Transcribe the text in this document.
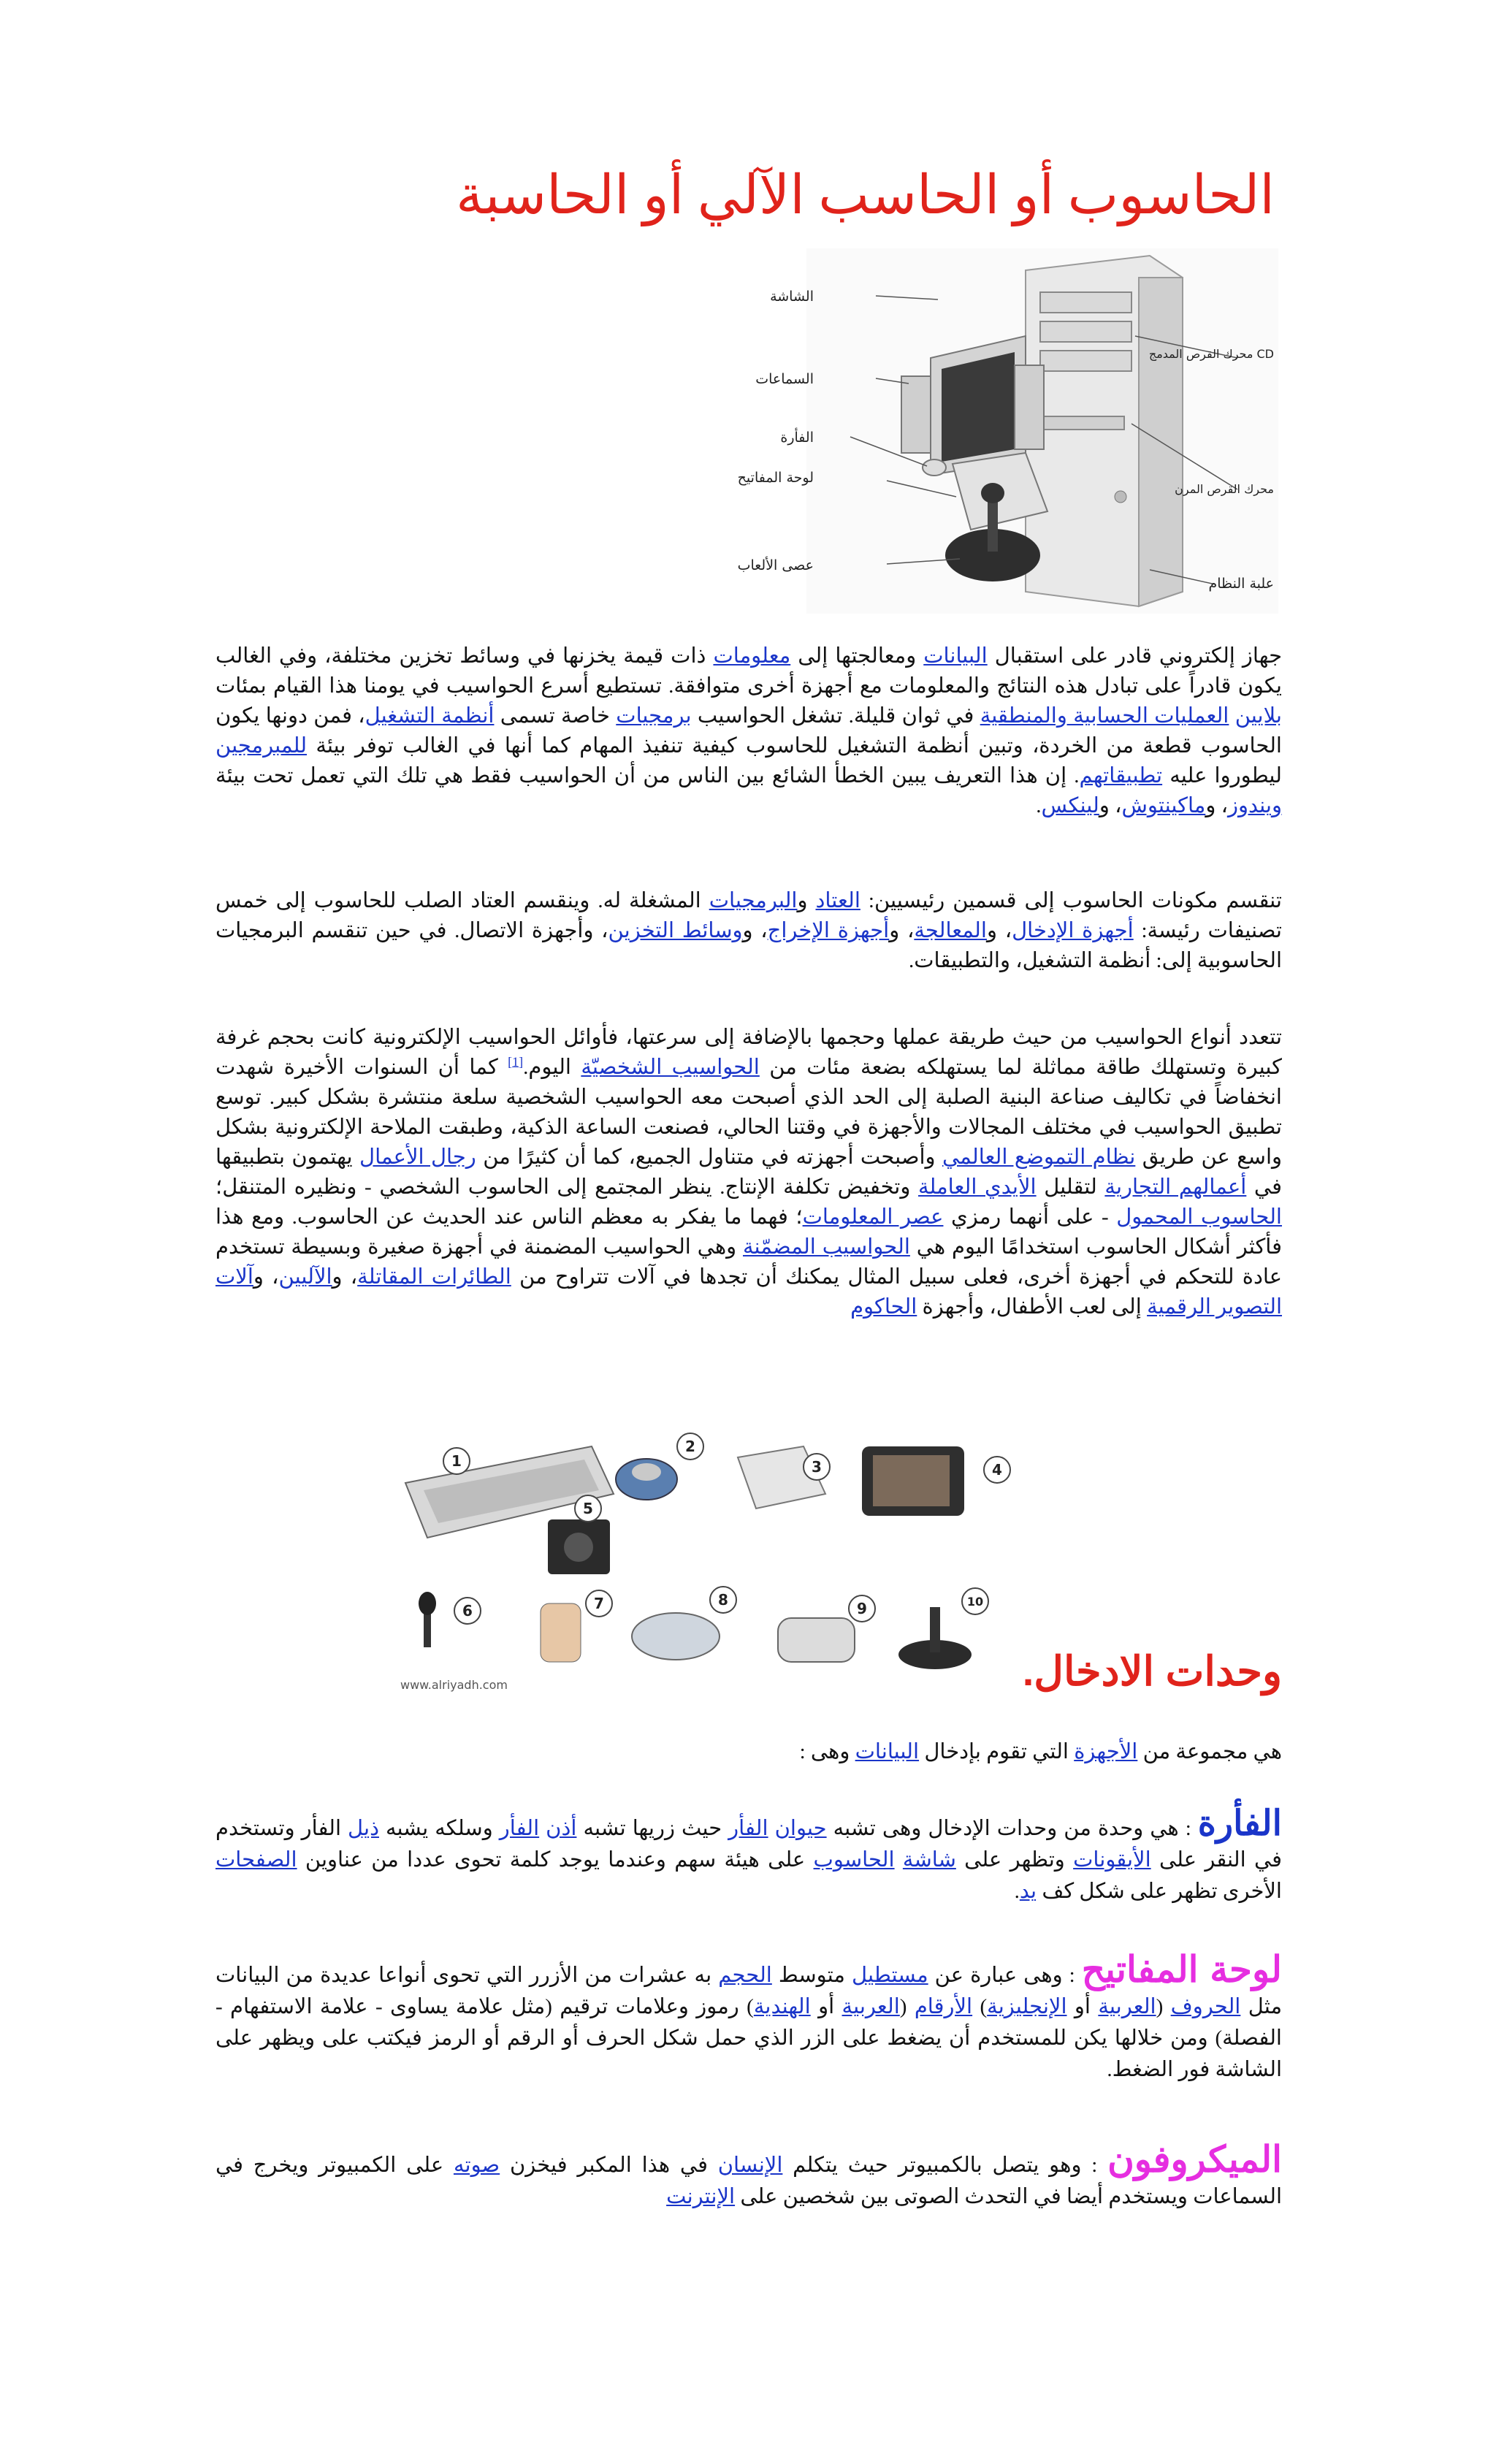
الحاسوب أو الحاسب الآلي أو الحاسبة
الشاشة
السماعات
الفأرة
لوحة المفاتيح
عصى الألعاب
محرك القرص المدمج CD
محرك القرص المرن
علبة النظام
جهاز إلكتروني قادر على استقبال البيانات ومعالجتها إلى معلومات ذات قيمة يخزنها في وسائط تخزين مختلفة، وفي الغالب يكون قادراً على تبادل هذه النتائج والمعلومات مع أجهزة أخرى متوافقة. تستطيع أسرع الحواسيب في يومنا هذا القيام بمئات بلايين العمليات الحسابية والمنطقية في ثوان قليلة. تشغل الحواسيب برمجيات خاصة تسمى أنظمة التشغيل، فمن دونها يكون الحاسوب قطعة من الخردة، وتبين أنظمة التشغيل للحاسوب كيفية تنفيذ المهام كما أنها في الغالب توفر بيئة للمبرمجين ليطوروا عليه تطبيقاتهم. إن هذا التعريف يبين الخطأ الشائع بين الناس من أن الحواسيب فقط هي تلك التي تعمل تحت بيئة ويندوز، وماكينتوش، ولينكس.
تنقسم مكونات الحاسوب إلى قسمين رئيسيين: العتاد والبرمجيات المشغلة له. وينقسم العتاد الصلب للحاسوب إلى خمس تصنيفات رئيسة: أجهزة الإدخال، والمعالجة، وأجهزة الإخراج، ووسائط التخزين، وأجهزة الاتصال. في حين تنقسم البرمجيات الحاسوبية إلى: أنظمة التشغيل، والتطبيقات.
تتعدد أنواع الحواسيب من حيث طريقة عملها وحجمها بالإضافة إلى سرعتها، فأوائل الحواسيب الإلكترونية كانت بحجم غرفة كبيرة وتستهلك طاقة مماثلة لما يستهلكه بضعة مئات من الحواسيب الشخصيّة اليوم.[1] كما أن السنوات الأخيرة شهدت انخفاضاً في تكاليف صناعة البنية الصلبة إلى الحد الذي أصبحت معه الحواسيب الشخصية سلعة منتشرة بشكل كبير. توسع تطبيق الحواسيب في مختلف المجالات والأجهزة في وقتنا الحالي، فصنعت الساعة الذكية، وطبقت الملاحة الإلكترونية بشكل واسع عن طريق نظام التموضع العالمي وأصبحت أجهزته في متناول الجميع، كما أن كثيرًا من رجال الأعمال يهتمون بتطبيقها في أعمالهم التجارية لتقليل الأيدي العاملة وتخفيض تكلفة الإنتاج. ينظر المجتمع إلى الحاسوب الشخصي - ونظيره المتنقل؛ الحاسوب المحمول - على أنهما رمزي عصر المعلومات؛ فهما ما يفكر به معظم الناس عند الحديث عن الحاسوب. ومع هذا فأكثر أشكال الحاسوب استخدامًا اليوم هي الحواسيب المضمّنة وهي الحواسيب المضمنة في أجهزة صغيرة وبسيطة تستخدم عادة للتحكم في أجهزة أخرى، فعلى سبيل المثال يمكنك أن تجدها في آلات تتراوح من الطائرات المقاتلة، والآليين، وآلات التصوير الرقمية إلى لعب الأطفال، وأجهزة الحاكوم
1
2
3	4
5
6	7	8	9	10
www.alriyadh.com	وحدات الادخال.
هي مجموعة من الأجهزة التي تقوم بإدخال البيانات وهى :
الفأرة : هي وحدة من وحدات الإدخال وهى تشبه حيوان الفأر حيث زريها تشبه أذن الفأر وسلكه يشبه ذيل الفأر وتستخدم في النقر على الأيقونات وتظهر على شاشة الحاسوب على هيئة سهم وعندما يوجد كلمة تحوى عددا من عناوين الصفحات الأخرى تظهر على شكل كف يد.
لوحة المفاتيح : وهى عبارة عن مستطيل متوسط الحجم به عشرات من الأزرر التي تحوى أنواعا عديدة من البيانات مثل الحروف (العربية أو الإنجليزية) الأرقام (العربية أو الهندية) رموز وعلامات ترقيم (مثل علامة يساوى - علامة الاستفهام - الفصلة) ومن خلالها يكن للمستخدم أن يضغط على الزر الذي حمل شكل الحرف أو الرقم أو الرمز فيكتب على ويظهر على الشاشة فور الضغط.
الميكروفون : وهو يتصل بالكمبيوتر حيث يتكلم الإنسان في هذا المكبر فيخزن صوته على الكمبيوتر ويخرج في السماعات ويستخدم أيضا في التحدث الصوتى بين شخصين على الإنترنت
